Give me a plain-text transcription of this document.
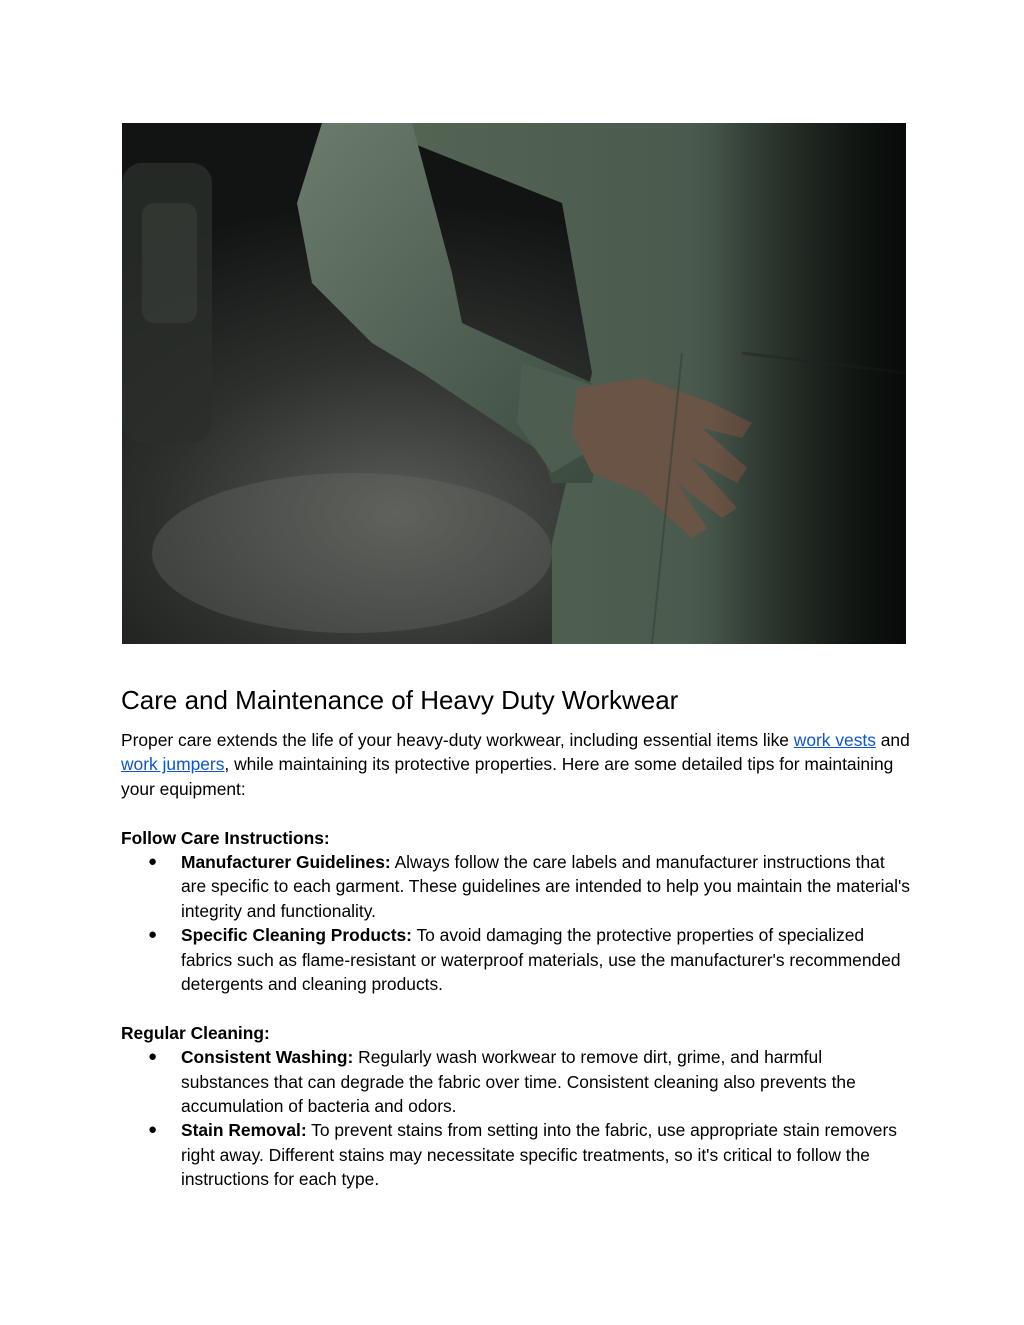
Care and Maintenance of Heavy Duty Workwear

Proper care extends the life of your heavy-duty workwear, including essential items like work vests and work jumpers, while maintaining its protective properties. Here are some detailed tips for maintaining your equipment:

Follow Care Instructions:

● Manufacturer Guidelines: Always follow the care labels and manufacturer instructions that are specific to each garment. These guidelines are intended to help you maintain the material's integrity and functionality.
● Specific Cleaning Products: To avoid damaging the protective properties of specialized fabrics such as flame-resistant or waterproof materials, use the manufacturer's recommended detergents and cleaning products.

Regular Cleaning:

● Consistent Washing: Regularly wash workwear to remove dirt, grime, and harmful substances that can degrade the fabric over time. Consistent cleaning also prevents the accumulation of bacteria and odors.
● Stain Removal: To prevent stains from setting into the fabric, use appropriate stain removers right away. Different stains may necessitate specific treatments, so it's critical to follow the instructions for each type.
